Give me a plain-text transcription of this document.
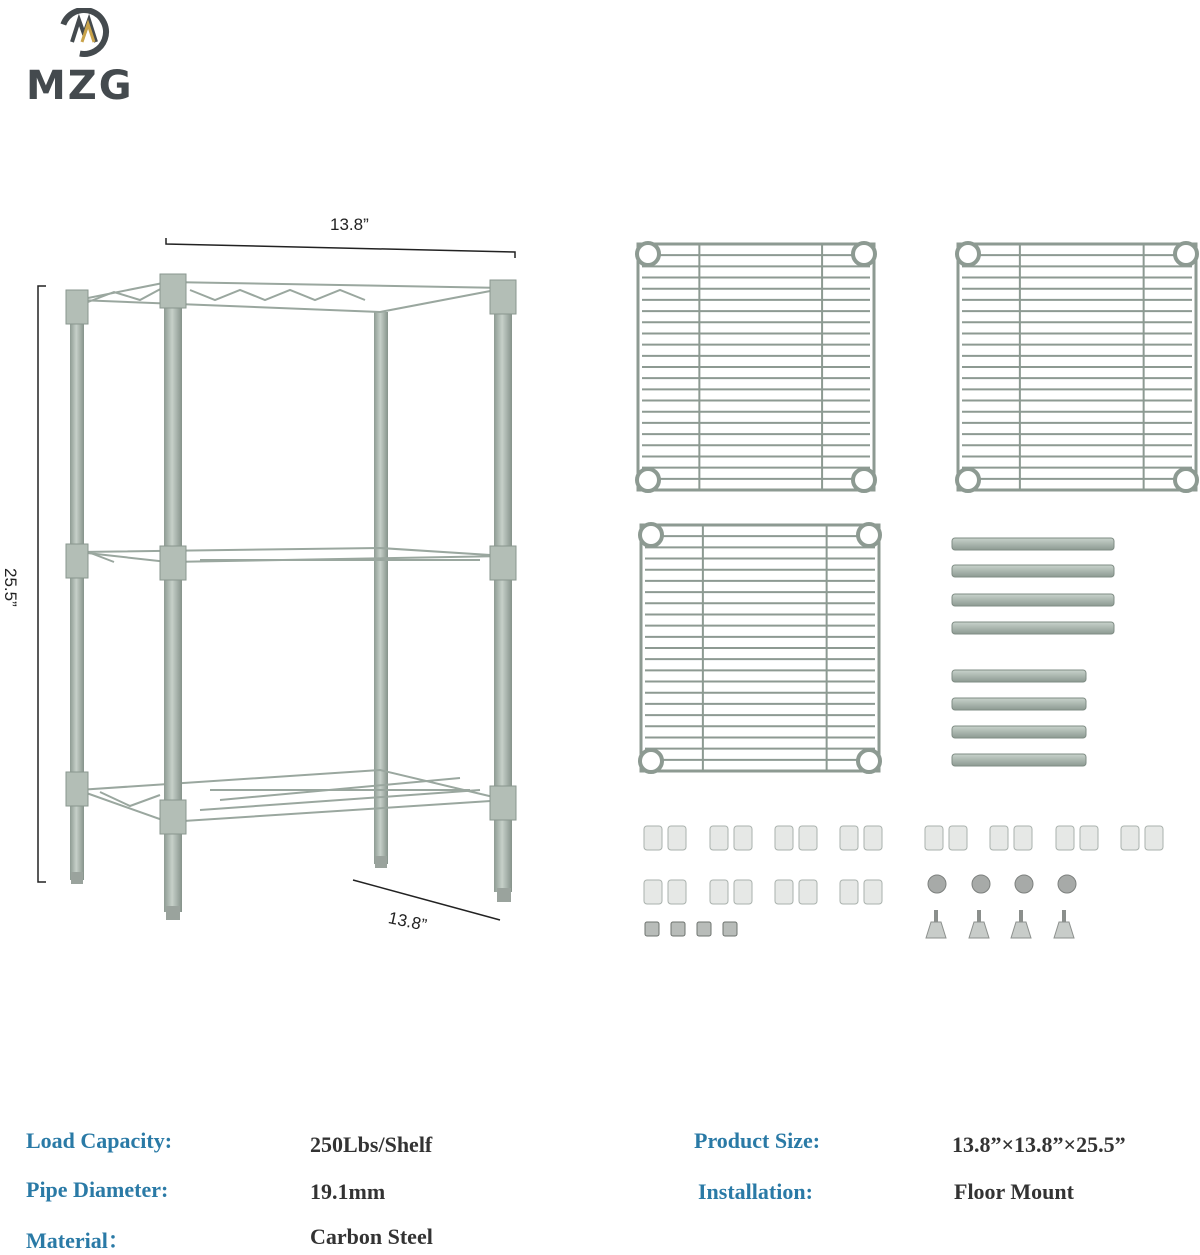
MZG
13.8”
25.5”
13.8”
Load Capacity:	250Lbs/Shelf
Pipe Diameter:	19.1mm
Material：	Carbon Steel
Product Size:	13.8”×13.8”×25.5”
Installation:	Floor Mount
